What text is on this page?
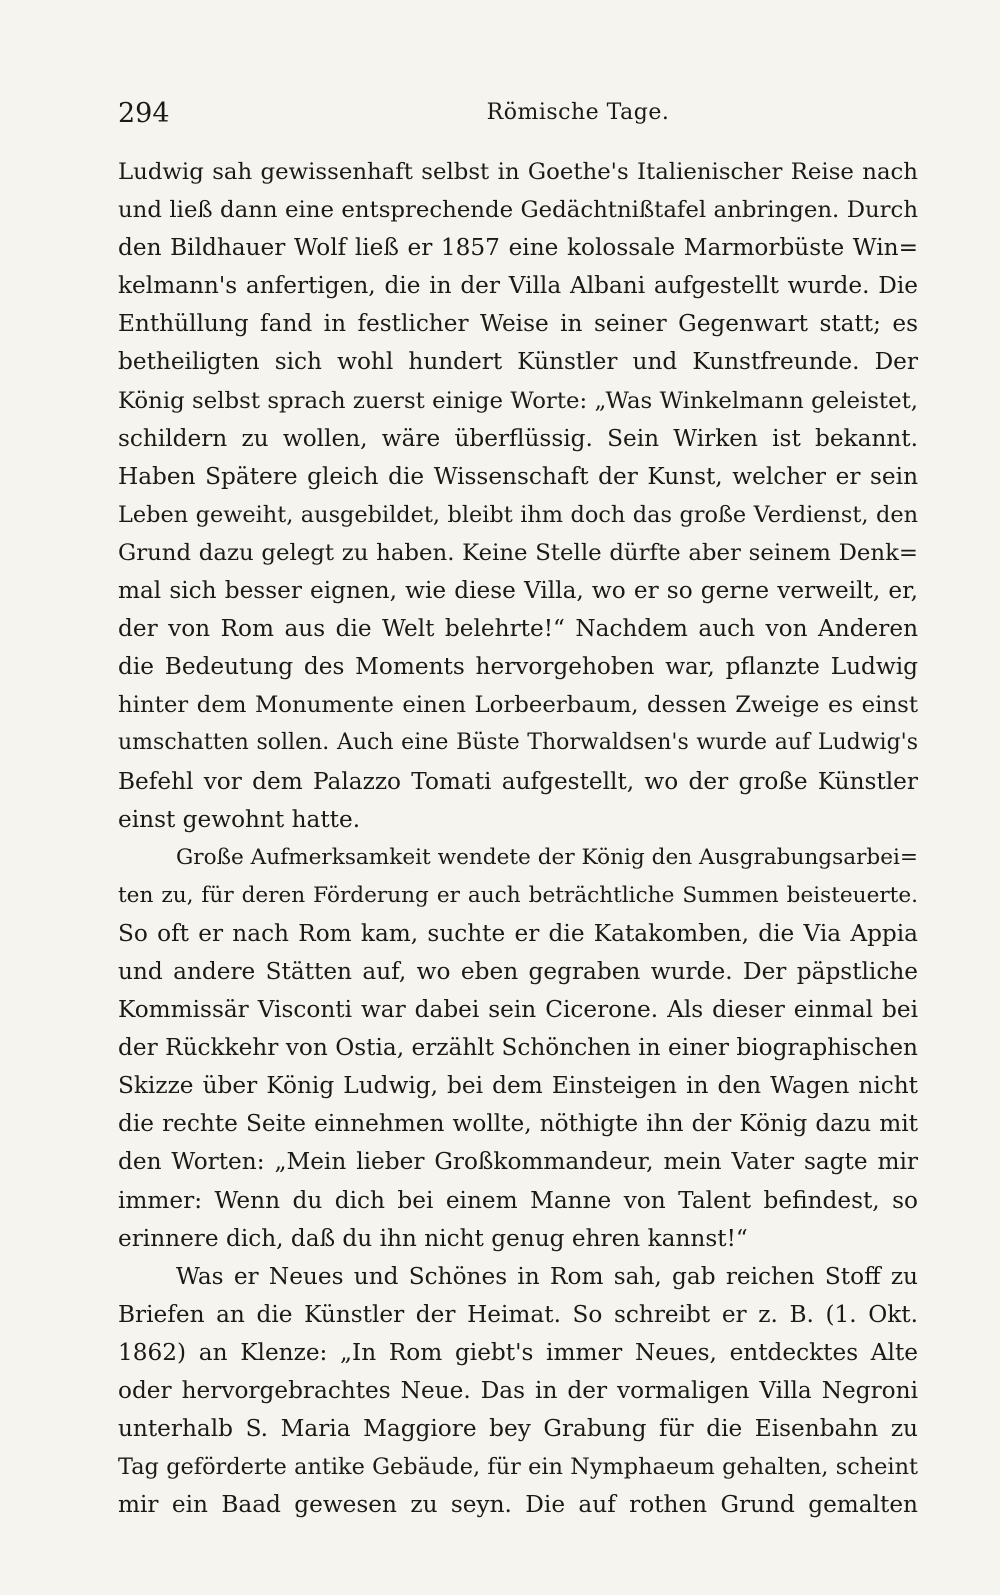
294	Römische Tage.
Ludwig sah gewissenhaft selbst in Goethe's Italienischer Reise nach
und ließ dann eine entsprechende Gedächtnißtafel anbringen. Durch
den Bildhauer Wolf ließ er 1857 eine kolossale Marmorbüste Win=
kelmann's anfertigen, die in der Villa Albani aufgestellt wurde. Die
Enthüllung fand in festlicher Weise in seiner Gegenwart statt; es
betheiligten sich wohl hundert Künstler und Kunstfreunde. Der
König selbst sprach zuerst einige Worte: „Was Winkelmann geleistet,
schildern zu wollen, wäre überflüssig. Sein Wirken ist bekannt.
Haben Spätere gleich die Wissenschaft der Kunst, welcher er sein
Leben geweiht, ausgebildet, bleibt ihm doch das große Verdienst, den
Grund dazu gelegt zu haben. Keine Stelle dürfte aber seinem Denk=
mal sich besser eignen, wie diese Villa, wo er so gerne verweilt, er,
der von Rom aus die Welt belehrte!“ Nachdem auch von Anderen
die Bedeutung des Moments hervorgehoben war, pflanzte Ludwig
hinter dem Monumente einen Lorbeerbaum, dessen Zweige es einst
umschatten sollen. Auch eine Büste Thorwaldsen's wurde auf Ludwig's
Befehl vor dem Palazzo Tomati aufgestellt, wo der große Künstler
einst gewohnt hatte.
Große Aufmerksamkeit wendete der König den Ausgrabungsarbei=
ten zu, für deren Förderung er auch beträchtliche Summen beisteuerte.
So oft er nach Rom kam, suchte er die Katakomben, die Via Appia
und andere Stätten auf, wo eben gegraben wurde. Der päpstliche
Kommissär Visconti war dabei sein Cicerone. Als dieser einmal bei
der Rückkehr von Ostia, erzählt Schönchen in einer biographischen
Skizze über König Ludwig, bei dem Einsteigen in den Wagen nicht
die rechte Seite einnehmen wollte, nöthigte ihn der König dazu mit
den Worten: „Mein lieber Großkommandeur, mein Vater sagte mir
immer: Wenn du dich bei einem Manne von Talent befindest, so
erinnere dich, daß du ihn nicht genug ehren kannst!“
Was er Neues und Schönes in Rom sah, gab reichen Stoff zu
Briefen an die Künstler der Heimat. So schreibt er z. B. (1. Okt.
1862) an Klenze: „In Rom giebt's immer Neues, entdecktes Alte
oder hervorgebrachtes Neue. Das in der vormaligen Villa Negroni
unterhalb S. Maria Maggiore bey Grabung für die Eisenbahn zu
Tag geförderte antike Gebäude, für ein Nymphaeum gehalten, scheint
mir ein Baad gewesen zu seyn. Die auf rothen Grund gemalten
